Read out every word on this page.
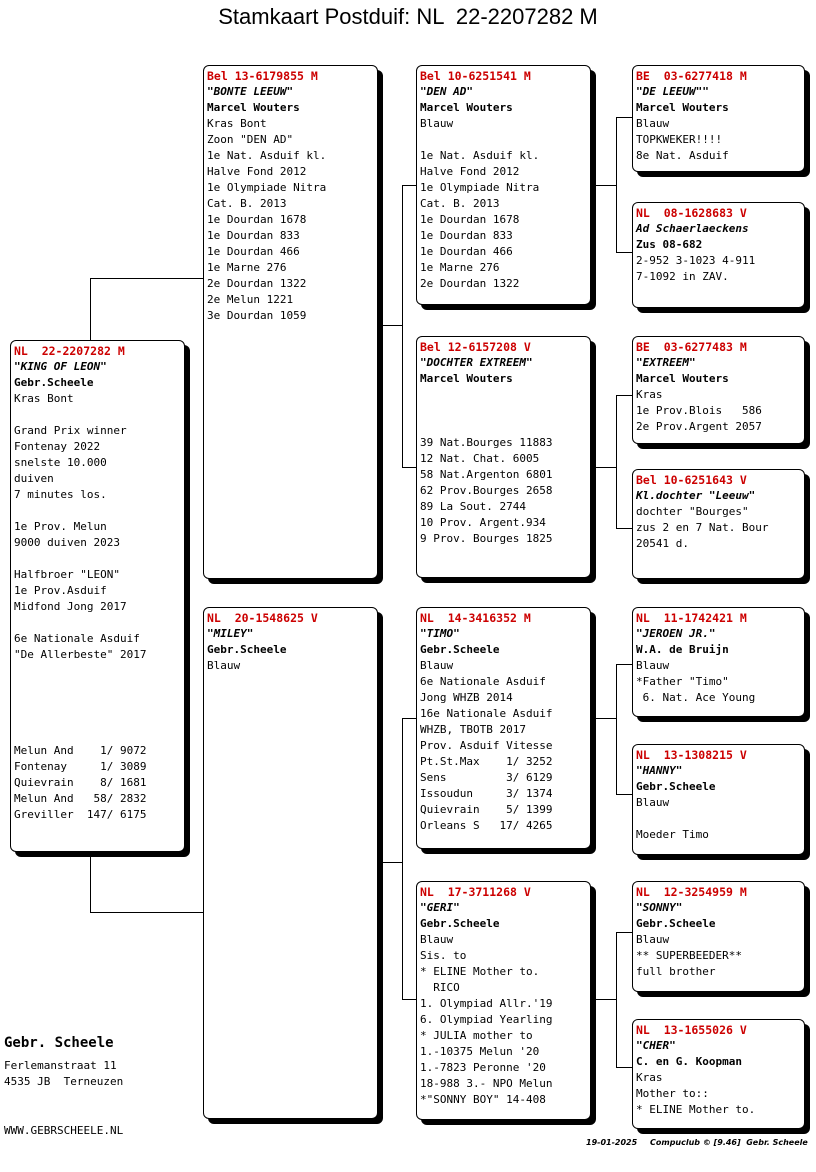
Stamkaart Postduif: NL  22-2207282 M
NL  22-2207282 M
"KING OF LEON"
Gebr.Scheele
Kras Bont
Grand Prix winner
Fontenay 2022
snelste 10.000
duiven
7 minutes los.
1e Prov. Melun
9000 duiven 2023
Halfbroer "LEON"
1e Prov.Asduif
Midfond Jong 2017
6e Nationale Asduif
"De Allerbeste" 2017
Melun And    1/ 9072
Fontenay     1/ 3089
Quievrain    8/ 1681
Melun And   58/ 2832
Greviller  147/ 6175
Bel 13-6179855 M
"BONTE LEEUW"
Marcel Wouters
Kras Bont
Zoon "DEN AD"
1e Nat. Asduif kl.
Halve Fond 2012
1e Olympiade Nitra
Cat. B. 2013
1e Dourdan 1678
1e Dourdan 833
1e Dourdan 466
1e Marne 276
2e Dourdan 1322
2e Melun 1221
3e Dourdan 1059
NL  20-1548625 V
"MILEY"
Gebr.Scheele
Blauw
Bel 10-6251541 M
"DEN AD"
Marcel Wouters
Blauw
1e Nat. Asduif kl.
Halve Fond 2012
1e Olympiade Nitra
Cat. B. 2013
1e Dourdan 1678
1e Dourdan 833
1e Dourdan 466
1e Marne 276
2e Dourdan 1322
Bel 12-6157208 V
"DOCHTER EXTREEM"
Marcel Wouters
39 Nat.Bourges 11883
12 Nat. Chat. 6005
58 Nat.Argenton 6801
62 Prov.Bourges 2658
89 La Sout. 2744
10 Prov. Argent.934
9 Prov. Bourges 1825
NL  14-3416352 M
"TIMO"
Gebr.Scheele
Blauw
6e Nationale Asduif
Jong WHZB 2014
16e Nationale Asduif
WHZB, TBOTB 2017
Prov. Asduif Vitesse
Pt.St.Max    1/ 3252
Sens         3/ 6129
Issoudun     3/ 1374
Quievrain    5/ 1399
Orleans S   17/ 4265
NL  17-3711268 V
"GERI"
Gebr.Scheele
Blauw
Sis. to
* ELINE Mother to.
RICO
1. Olympiad Allr.'19
6. Olympiad Yearling
* JULIA mother to
1.-10375 Melun '20
1.-7823 Peronne '20
18-988 3.- NPO Melun
*"SONNY BOY" 14-408
BE  03-6277418 M
"DE LEEUW""
Marcel Wouters
Blauw
TOPKWEKER!!!!
8e Nat. Asduif
NL  08-1628683 V
Ad Schaerlaeckens
Zus 08-682
2-952 3-1023 4-911
7-1092 in ZAV.
BE  03-6277483 M
"EXTREEM"
Marcel Wouters
Kras
1e Prov.Blois   586
2e Prov.Argent 2057
Bel 10-6251643 V
Kl.dochter "Leeuw"
dochter "Bourges"
zus 2 en 7 Nat. Bour
20541 d.
NL  11-1742421 M
"JEROEN JR."
W.A. de Bruijn
Blauw
*Father "Timo"
6. Nat. Ace Young
NL  13-1308215 V
"HANNY"
Gebr.Scheele
Blauw
Moeder Timo
NL  12-3254959 M
"SONNY"
Gebr.Scheele
Blauw
** SUPERBEEDER**
full brother
NL  13-1655026 V
"CHER"
C. en G. Koopman
Kras
Mother to::
* ELINE Mother to.
Gebr. Scheele
Ferlemanstraat 11
4535 JB  Terneuzen
WWW.GEBRSCHEELE.NL
19-01-2025 Compuclub © [9.46]  Gebr. Scheele
